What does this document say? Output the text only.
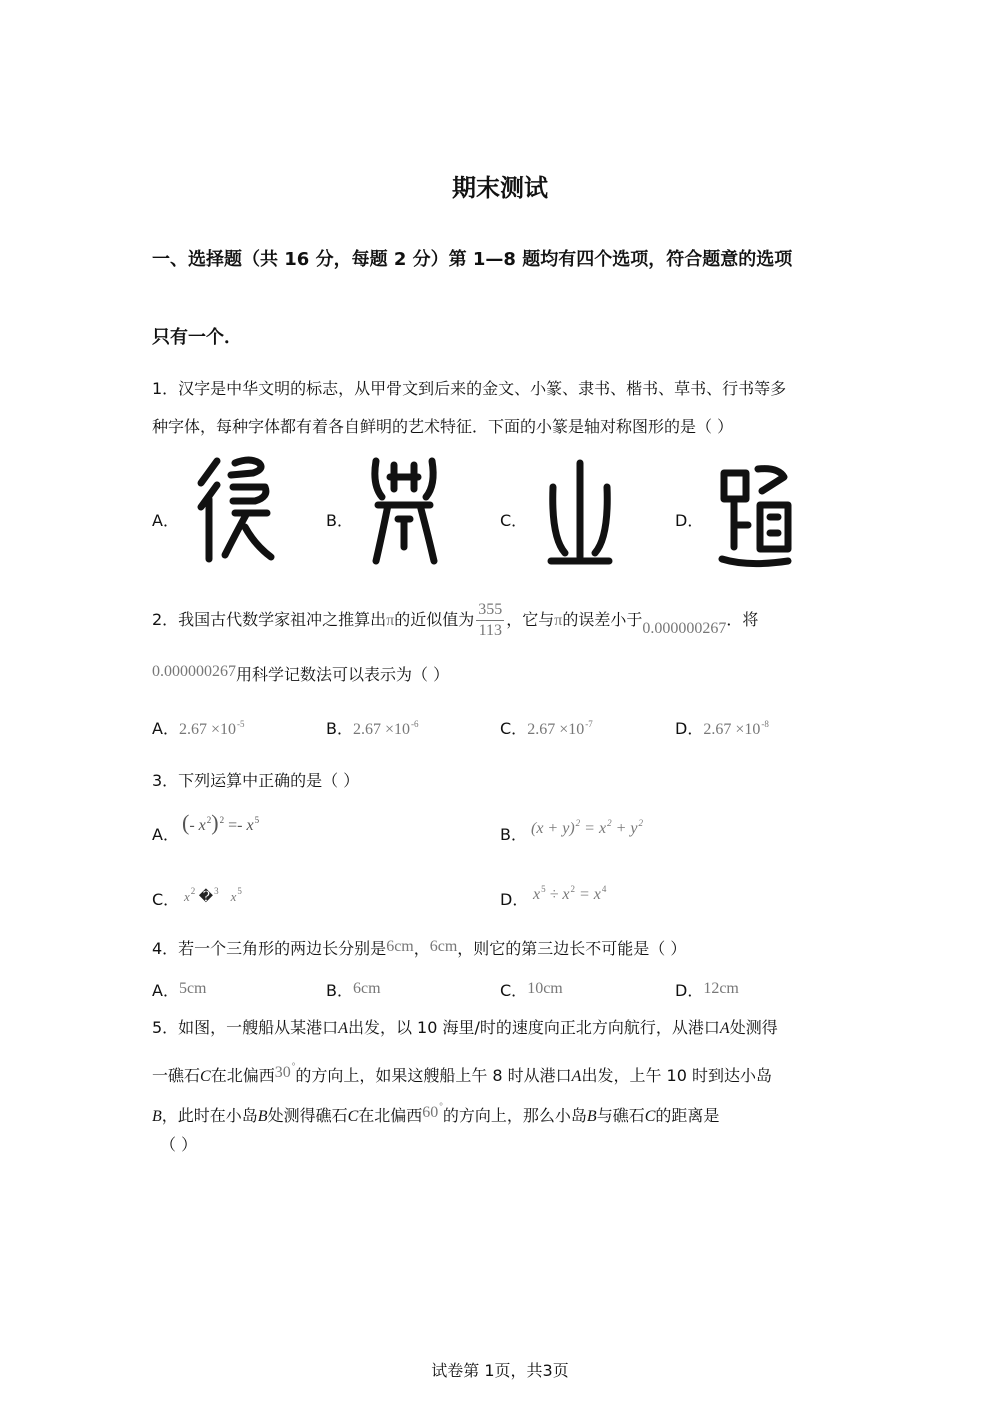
期末测试
一、选择题（共 16 分，每题 2 分）第 1—8 题均有四个选项，符合题意的选项
只有一个．
1．汉字是中华文明的标志，从甲骨文到后来的金文、小篆、隶书、楷书、草书、行书等多
种字体，每种字体都有着各自鲜明的艺术特征．下面的小篆是轴对称图形的是（ ）
A．	B．	C．	D．
2．我国古代数学家祖冲之推算出π的近似值为 $\frac{355}{113}$ ，它与π的误差小于0.000000267．将
0.000000267用科学记数法可以表示为（ ）
A．$2.67 \times 10^{-5}$	B．$2.67 \times 10^{-6}$	C．$2.67 \times 10^{-7}$	D．$2.67 \times 10^{-8}$
3．下列运算中正确的是（ ）
A． (- $x^2)^2 =- x^5$
B． $(x + y)^2 = x^2 + y^2$
C． $x^2$ �$^3$ $x^5$	D． $x^5 \div x^2 = x^4$
4．若一个三角形的两边长分别是6cm，6cm，则它的第三边长不可能是（ ）
A．5cm	B．6cm	C．10cm	D．12cm
5．如图，一艘船从某港口A出发，以 10 海里/时的速度向正北方向航行，从港口A处测得
一礁石C在北偏西30°的方向上，如果这艘船上午 8 时从港口A出发，上午 10 时到达小岛
B，此时在小岛B处测得礁石C在北偏西60°的方向上，那么小岛B与礁石C的距离是
（ ）
试卷第 1页，共3页
